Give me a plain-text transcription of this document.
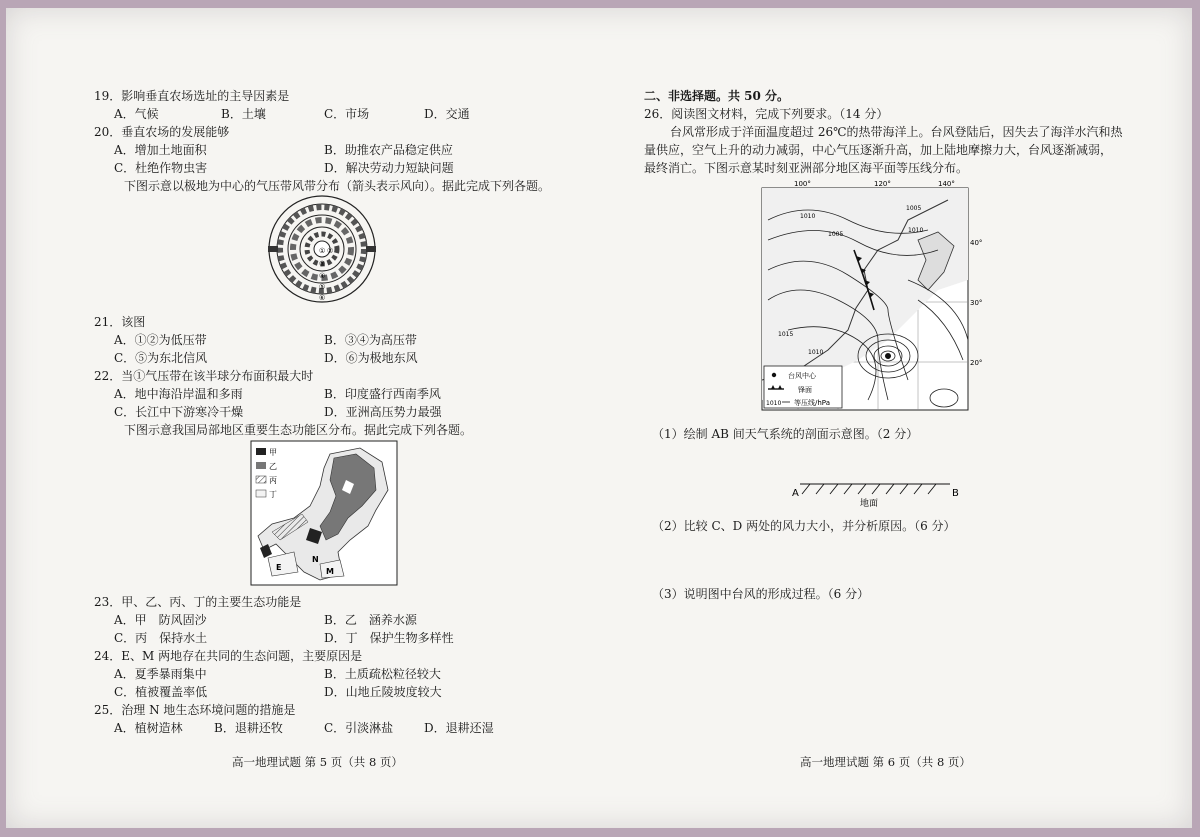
19．影响垂直农场选址的主导因素是
A．气候	B．土壤	C．市场	D．交通
20．垂直农场的发展能够
A．增加土地面积	B．助推农产品稳定供应
C．杜绝作物虫害	D．解决劳动力短缺问题
下图示意以极地为中心的气压带风带分布（箭头表示风向）。据此完成下列各题。
① ②
③
④
⑤
⑥
21．该图
A．①②为低压带	B．③④为高压带
C．⑤为东北信风	D．⑥为极地东风
22．当①气压带在该半球分布面积最大时
A．地中海沿岸温和多雨	B．印度盛行西南季风
C．长江中下游寒冷干燥	D．亚洲高压势力最强
下图示意我国局部地区重要生态功能区分布。据此完成下列各题。
甲
乙
丙
丁
E	M
N
23．甲、乙、丙、丁的主要生态功能是
A．甲　防风固沙	B．乙　涵养水源
C．丙　保持水土	D．丁　保护生物多样性
24．E、M 两地存在共同的生态问题，主要原因是
A．夏季暴雨集中	B．土质疏松粒径较大
C．植被覆盖率低	D．山地丘陵坡度较大
25．治理 N 地生态环境问题的措施是
A．植树造林	B．退耕还牧	C．引淡淋盐	D．退耕还湿
高一地理试题 第 5 页（共 8 页）
二、非选择题。共 50 分。
26．阅读图文材料，完成下列要求。（14 分）
台风常形成于洋面温度超过 26℃的热带海洋上。台风登陆后，因失去了海洋水汽和热
量供应，空气上升的动力减弱，中心气压逐渐升高，加上陆地摩擦力大，台风逐渐减弱，
最终消亡。下图示意某时刻亚洲部分地区海平面等压线分布。
100°	120°	140°
40°
30°
20°
1010
1005
1005
1010
1015
1010
台风中心
锋面
1010 等压线/hPa
（1）绘制 AB 间天气系统的剖面示意图。（2 分）
A	B
地面
（2）比较 C、D 两处的风力大小，并分析原因。（6 分）
（3）说明图中台风的形成过程。（6 分）
高一地理试题 第 6 页（共 8 页）
